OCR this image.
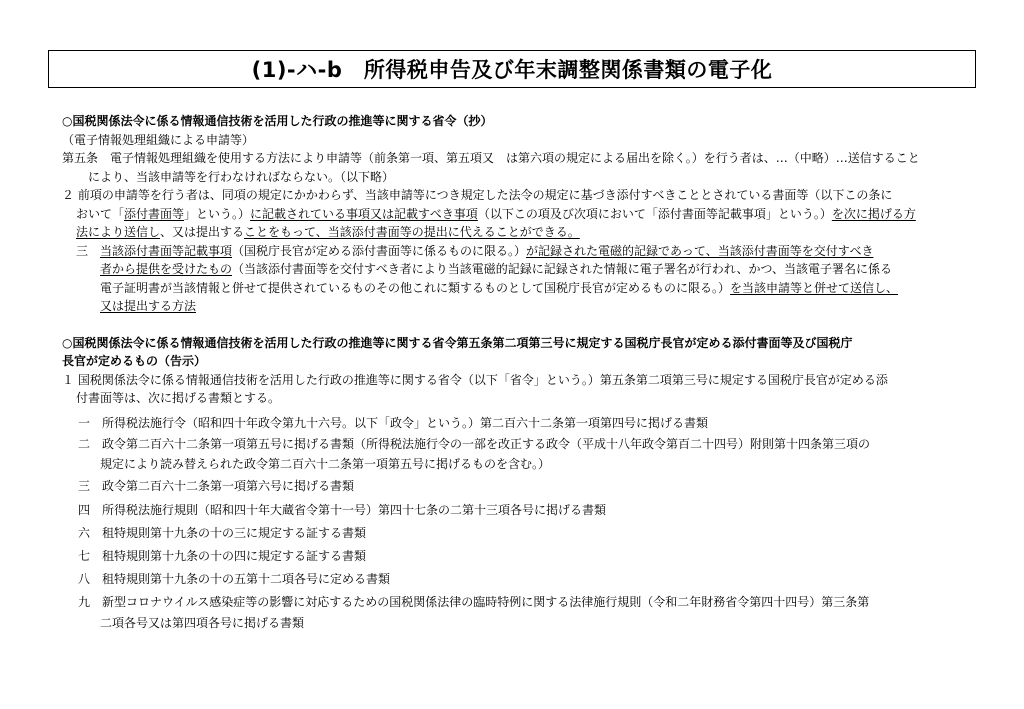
(1)-ハ-b　所得税申告及び年末調整関係書類の電子化

○国税関係法令に係る情報通信技術を活用した行政の推進等に関する省令（抄）

（電子情報処理組織による申請等）

第五条　電子情報処理組織を使用する方法により申請等（前条第一項、第五項又　は第六項の規定による届出を除く。）を行う者は、…（中略）…送信すること

により、当該申請等を行わなければならない。（以下略）

２ 前項の申請等を行う者は、同項の規定にかかわらず、当該申請等につき規定した法令の規定に基づき添付すべきこととされている書面等（以下この条に

おいて「添付書面等」という。）に記載されている事項又は記載すべき事項（以下この項及び次項において「添付書面等記載事項」という。）を次に掲げる方

法により送信し、又は提出することをもって、当該添付書面等の提出に代えることができる。

三　当該添付書面等記載事項（国税庁長官が定める添付書面等に係るものに限る。）が記録された電磁的記録であって、当該添付書面等を交付すべき

者から提供を受けたもの（当該添付書面等を交付すべき者により当該電磁的記録に記録された情報に電子署名が行われ、かつ、当該電子署名に係る

電子証明書が当該情報と併せて提供されているものその他これに類するものとして国税庁長官が定めるものに限る。）を当該申請等と併せて送信し、

又は提出する方法

○国税関係法令に係る情報通信技術を活用した行政の推進等に関する省令第五条第二項第三号に規定する国税庁長官が定める添付書面等及び国税庁

長官が定めるもの（告示）

１ 国税関係法令に係る情報通信技術を活用した行政の推進等に関する省令（以下「省令」という。）第五条第二項第三号に規定する国税庁長官が定める添

付書面等は、次に掲げる書類とする。

一　所得税法施行令（昭和四十年政令第九十六号。以下「政令」という。）第二百六十二条第一項第四号に掲げる書類

二　政令第二百六十二条第一項第五号に掲げる書類（所得税法施行令の一部を改正する政令（平成十八年政令第百二十四号）附則第十四条第三項の

規定により読み替えられた政令第二百六十二条第一項第五号に掲げるものを含む。）

三　政令第二百六十二条第一項第六号に掲げる書類

四　所得税法施行規則（昭和四十年大蔵省令第十一号）第四十七条の二第十三項各号に掲げる書類

六　租特規則第十九条の十の三に規定する証する書類

七　租特規則第十九条の十の四に規定する証する書類

八　租特規則第十九条の十の五第十二項各号に定める書類

九　新型コロナウイルス感染症等の影響に対応するための国税関係法律の臨時特例に関する法律施行規則（令和二年財務省令第四十四号）第三条第

二項各号又は第四項各号に掲げる書類
